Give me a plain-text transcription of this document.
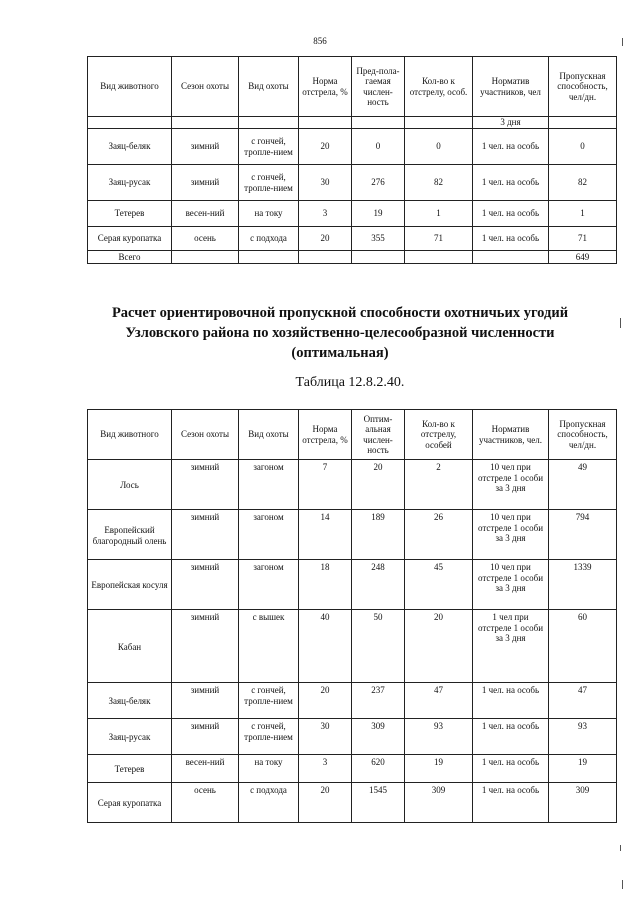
856
Вид животного	Сезон охоты	Вид охоты	Норма отстрела, %	Пред-пола-гаемая числен-ность	Кол-во к отстрелу, особ.	Норматив участников, чел	Пропускная способность, чел/дн.
						3 дня	
Заяц-беляк	зимний	с гончей, тропле-нием	20	0	0	1 чел. на особь	0
Заяц-русак	зимний	с гончей, тропле-нием	30	276	82	1 чел. на особь	82
Тетерев	весен-ний	на току	3	19	1	1 чел. на особь	1
Серая куропатка	осень	с подхода	20	355	71	1 чел. на особь	71
Всего							649
Расчет ориентировочной пропускной способности охотничьих угодий
Узловского района по хозяйственно-целесообразной численности
(оптимальная)
Таблица 12.8.2.40.
Вид животного	Сезон охоты	Вид охоты	Норма отстрела, %	Оптим-альная числен-ность	Кол-во к отстрелу, особей	Норматив участников, чел.	Пропускная способность, чел/дн.
Лось	зимний	загоном	7	20	2	10 чел при отстреле 1 особи за 3 дня	49
Европейский благородный олень	зимний	загоном	14	189	26	10 чел при отстреле 1 особи за 3 дня	794
Европейская косуля	зимний	загоном	18	248	45	10 чел при отстреле 1 особи за 3 дня	1339
Кабан	зимний	с вышек	40	50	20	1 чел при отстреле 1 особи за 3 дня	60
Заяц-беляк	зимний	с гончей, тропле-нием	20	237	47	1 чел. на особь	47
Заяц-русак	зимний	с гончей, тропле-нием	30	309	93	1 чел. на особь	93
Тетерев	весен-ний	на току	3	620	19	1 чел. на особь	19
Серая куропатка	осень	с подхода	20	1545	309	1 чел. на особь	309
